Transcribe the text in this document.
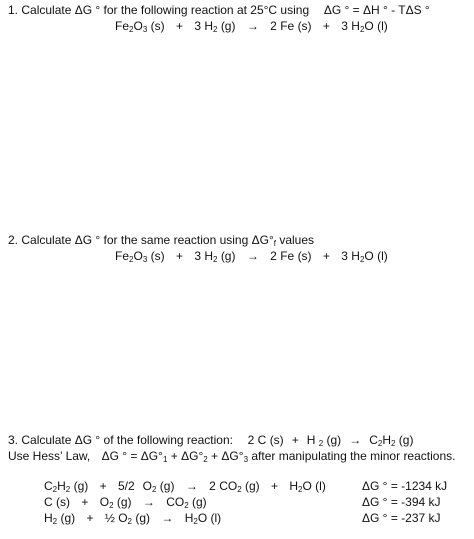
1. Calculate ΔG ° for the following reaction at 25°C using ΔG ° = ΔH ° - TΔS °
$Fe_2O_3$ (s) + 3 $H_2$ (g) → 2 Fe (s) + 3 $H_2O$ (l)
2. Calculate ΔG ° for the same reaction using $\Delta G^\circ_f$ values
$Fe_2O_3$ (s) + 3 $H_2$ (g) → 2 Fe (s) + 3 $H_2O$ (l)
3. Calculate ΔG ° of the following reaction: 2 C (s) + H $_2$ $(g) \to C_2H_2$ (g)
Use Hess’ Law, ΔG ° = $\Delta G^\circ_1 + \Delta G^\circ_2 + \Delta G^\circ_3$ after manipulating the minor reactions.
$C_2H_2$ (g) + 5/2 $O_2$ (g) → 2 $CO_2$ $(g) + H_2O$ (l)	ΔG ° = -1234 kJ
C $(s) + O_2$ $(g) \to CO_2$ (g)	ΔG ° = -394 kJ
$H_2$ (g) + ½ $O_2$ $(g) \to H_2O$ (l)	ΔG ° = -237 kJ
